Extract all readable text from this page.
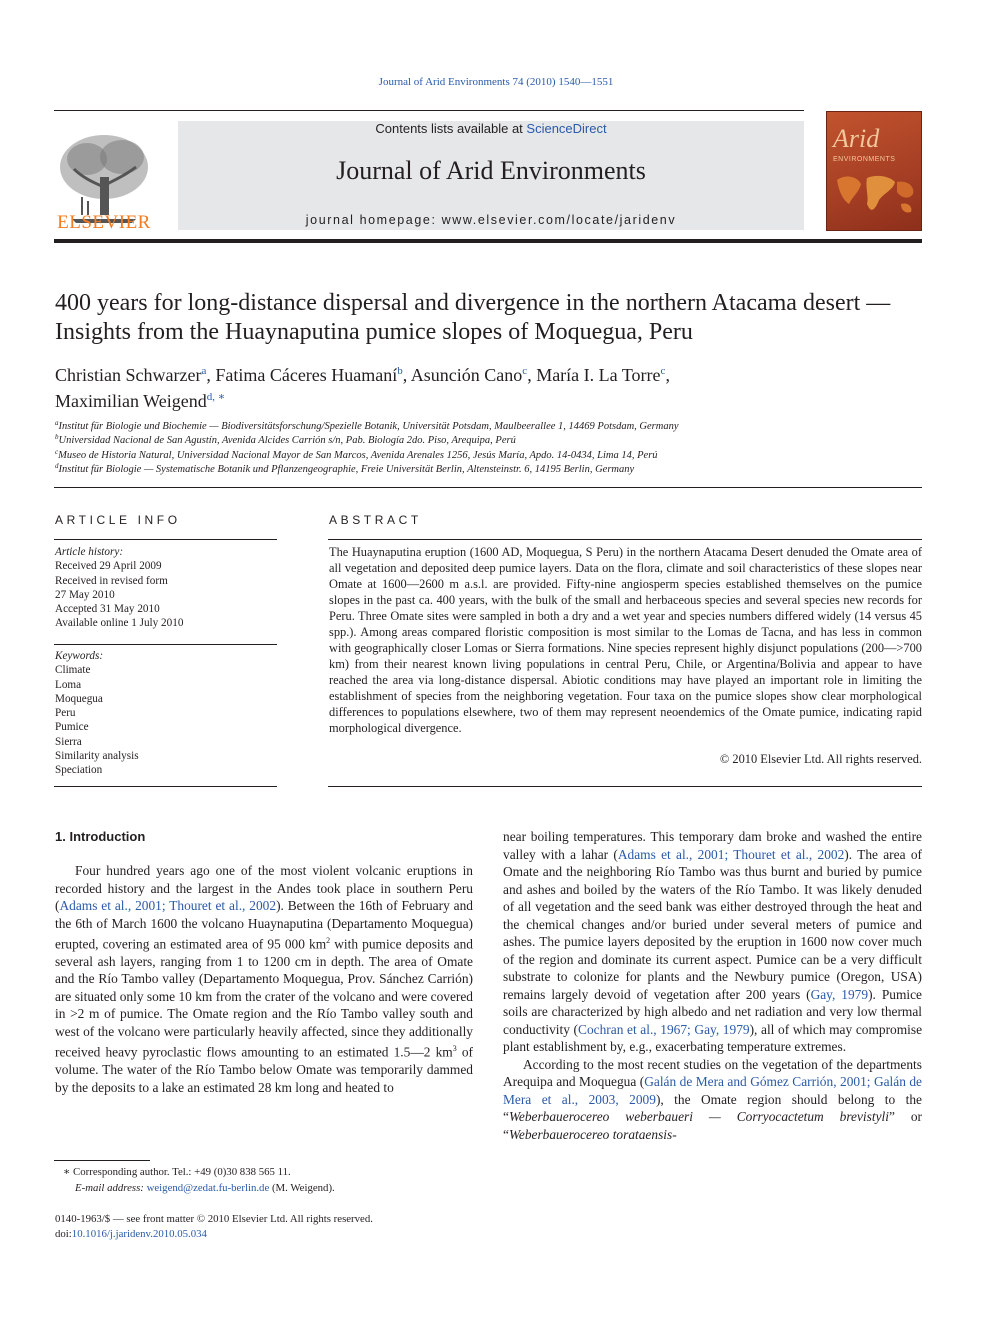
Journal of Arid Environments 74 (2010) 1540—1551
ELSEVIER
Contents lists available at ScienceDirect
Journal of Arid Environments
journal homepage: www.elsevier.com/locate/jaridenv
Arid
ENVIRONMENTS
400 years for long-distance dispersal and divergence in the northern Atacama desert — Insights from the Huaynaputina pumice slopes of Moquegua, Peru
Christian Schwarzer$^a$, Fatima Cáceres Huamaní$^b$, Asunción Cano$^c$, María I. La Torre$^c$,
Maximilian Weigend$^{d, ∗}$
$^a$Institut für Biologie und Biochemie — Biodiversitätsforschung/Spezielle Botanik, Universität Potsdam, Maulbeerallee 1, 14469 Potsdam, Germany
$^b$Universidad Nacional de San Agustín, Avenida Alcides Carrión s/n, Pab. Biología 2do. Piso, Arequipa, Perú
$^c$Museo de Historia Natural, Universidad Nacional Mayor de San Marcos, Avenida Arenales 1256, Jesús María, Apdo. 14-0434, Lima 14, Perú
$^d$Institut für Biologie — Systematische Botanik und Pflanzengeographie, Freie Universität Berlin, Altensteinstr. 6, 14195 Berlin, Germany
ARTICLE INFO
Article history:
Received 29 April 2009
Received in revised form
27 May 2010
Accepted 31 May 2010
Available online 1 July 2010
Keywords:
Climate
Loma
Moquegua
Peru
Pumice
Sierra
Similarity analysis
Speciation
ABSTRACT
The Huaynaputina eruption (1600 AD, Moquegua, S Peru) in the northern Atacama Desert denuded the Omate area of all vegetation and deposited deep pumice layers. Data on the flora, climate and soil characteristics of these slopes near Omate at 1600—2600 m a.s.l. are provided. Fifty-nine angiosperm species established themselves on the pumice slopes in the past ca. 400 years, with the bulk of the small and herbaceous species and several species new records for Peru. Three Omate sites were sampled in both a dry and a wet year and species numbers differed widely (14 versus 45 spp.). Among areas compared floristic composition is most similar to the Lomas de Tacna, and has less in common with geographically closer Lomas or Sierra formations. Nine species represent highly disjunct populations (200—>700 km) from their nearest known living populations in central Peru, Chile, or Argentina/Bolivia and appear to have reached the area via long-distance dispersal. Abiotic conditions may have played an important role in limiting the establishment of species from the neighboring vegetation. Four taxa on the pumice slopes show clear morphological differences to populations elsewhere, two of them may represent neoendemics of the Omate pumice, indicating rapid morphological divergence.
© 2010 Elsevier Ltd. All rights reserved.
1. Introduction

Four hundred years ago one of the most violent volcanic eruptions in recorded history and the largest in the Andes took place in southern Peru (Adams et al., 2001; Thouret et al., 2002). Between the 16th of February and the 6th of March 1600 the volcano Huaynaputina (Departamento Moquegua) erupted, covering an estimated area of 95 000 $km^2$ with pumice deposits and several ash layers, ranging from 1 to 1200 cm in depth. The area of Omate and the Río Tambo valley (Departamento Moquegua, Prov. Sánchez Carrión) are situated only some 10 km from the crater of the volcano and were covered in >2 m of pumice. The Omate region and the Río Tambo valley south and west of the volcano were particularly heavily affected, since they additionally received heavy pyroclastic flows amounting to an estimated 1.5—2 $km^3$ of volume. The water of the Río Tambo below Omate was temporarily dammed by the deposits to a lake an estimated 28 km long and heated to

near boiling temperatures. This temporary dam broke and washed the entire valley with a lahar (Adams et al., 2001; Thouret et al., 2002). The area of Omate and the neighboring Río Tambo was thus burnt and buried by pumice and ashes and boiled by the waters of the Río Tambo. It was likely denuded of all vegetation and the seed bank was either destroyed through the heat and the chemical changes and/or buried under several meters of pumice and ashes. The pumice layers deposited by the eruption in 1600 now cover much of the region and dominate its current aspect. Pumice can be a very difficult substrate to colonize for plants and the Newbury pumice (Oregon, USA) remains largely devoid of vegetation after 200 years (Gay, 1979). Pumice soils are characterized by high albedo and net radiation and very low thermal conductivity (Cochran et al., 1967; Gay, 1979), all of which may compromise plant establishment by, e.g., exacerbating temperature extremes.

According to the most recent studies on the vegetation of the departments Arequipa and Moquegua (Galán de Mera and Gómez Carrión, 2001; Galán de Mera et al., 2003, 2009), the Omate region should belong to the “Weberbauerocereo weberbaueri — Corryocactetum brevistyli” or “Weberbauerocereo torataensis-

∗ Corresponding author. Tel.: +49 (0)30 838 565 11.
E-mail address: weigend@zedat.fu-berlin.de (M. Weigend).
0140-1963/$ — see front matter © 2010 Elsevier Ltd. All rights reserved.
doi:10.1016/j.jaridenv.2010.05.034
